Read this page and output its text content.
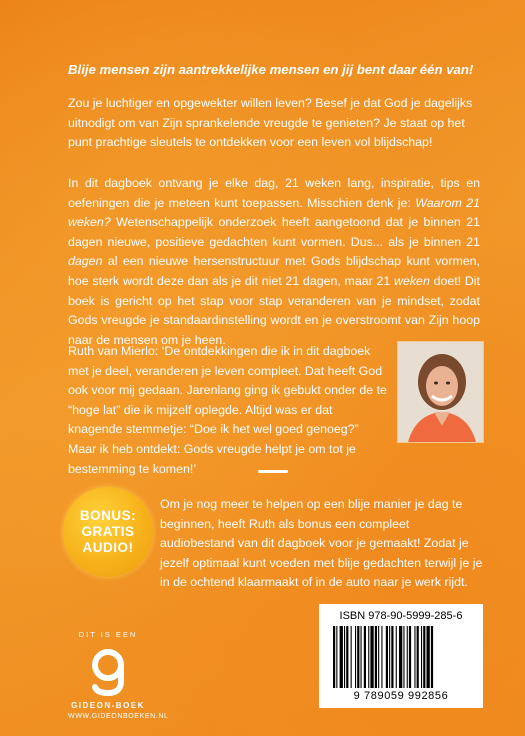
Blije mensen zijn aantrekkelijke mensen en jij bent daar één van!

Zou je luchtiger en opgewekter willen leven? Besef je dat God je dagelijks uitnodigt om van Zijn sprankelende vreugde te genieten? Je staat op het punt prachtige sleutels te ontdekken voor een leven vol blijdschap!

In dit dagboek ontvang je elke dag, 21 weken lang, inspiratie, tips en oefeningen die je meteen kunt toepassen. Misschien denk je: Waarom 21 weken? Wetenschappelijk onderzoek heeft aangetoond dat je binnen 21 dagen nieuwe, positieve gedachten kunt vormen. Dus... als je binnen 21 dagen al een nieuwe hersenstructuur met Gods blijdschap kunt vormen, hoe sterk wordt deze dan als je dit niet 21 dagen, maar 21 weken doet! Dit boek is gericht op het stap voor stap veranderen van je mindset, zodat Gods vreugde je standaardinstelling wordt en je overstroomt van Zijn hoop naar de mensen om je heen.

Ruth van Mierlo: ‘De ontdekkingen die ik in dit dagboek met je deel, veranderen je leven compleet. Dat heeft God ook voor mij gedaan. Jarenlang ging ik gebukt onder de te “hoge lat” die ik mijzelf oplegde. Altijd was er dat knagende stemmetje: “Doe ik het wel goed genoeg?” Maar ik heb ontdekt: Gods vreugde helpt je om tot je bestemming te komen!’

BONUS:
GRATIS
AUDIO!

Om je nog meer te helpen op een blije manier je dag te beginnen, heeft Ruth als bonus een compleet audiobestand van dit dagboek voor je gemaakt! Zodat je jezelf optimaal kunt voeden met blije gedachten terwijl je je in de ochtend klaarmaakt of in de auto naar je werk rijdt.

DIT IS EEN
GIDEON-BOEK
WWW.GIDEONBOEKEN.NL
ISBN 978-90-5999-285-6
9 789059 992856
